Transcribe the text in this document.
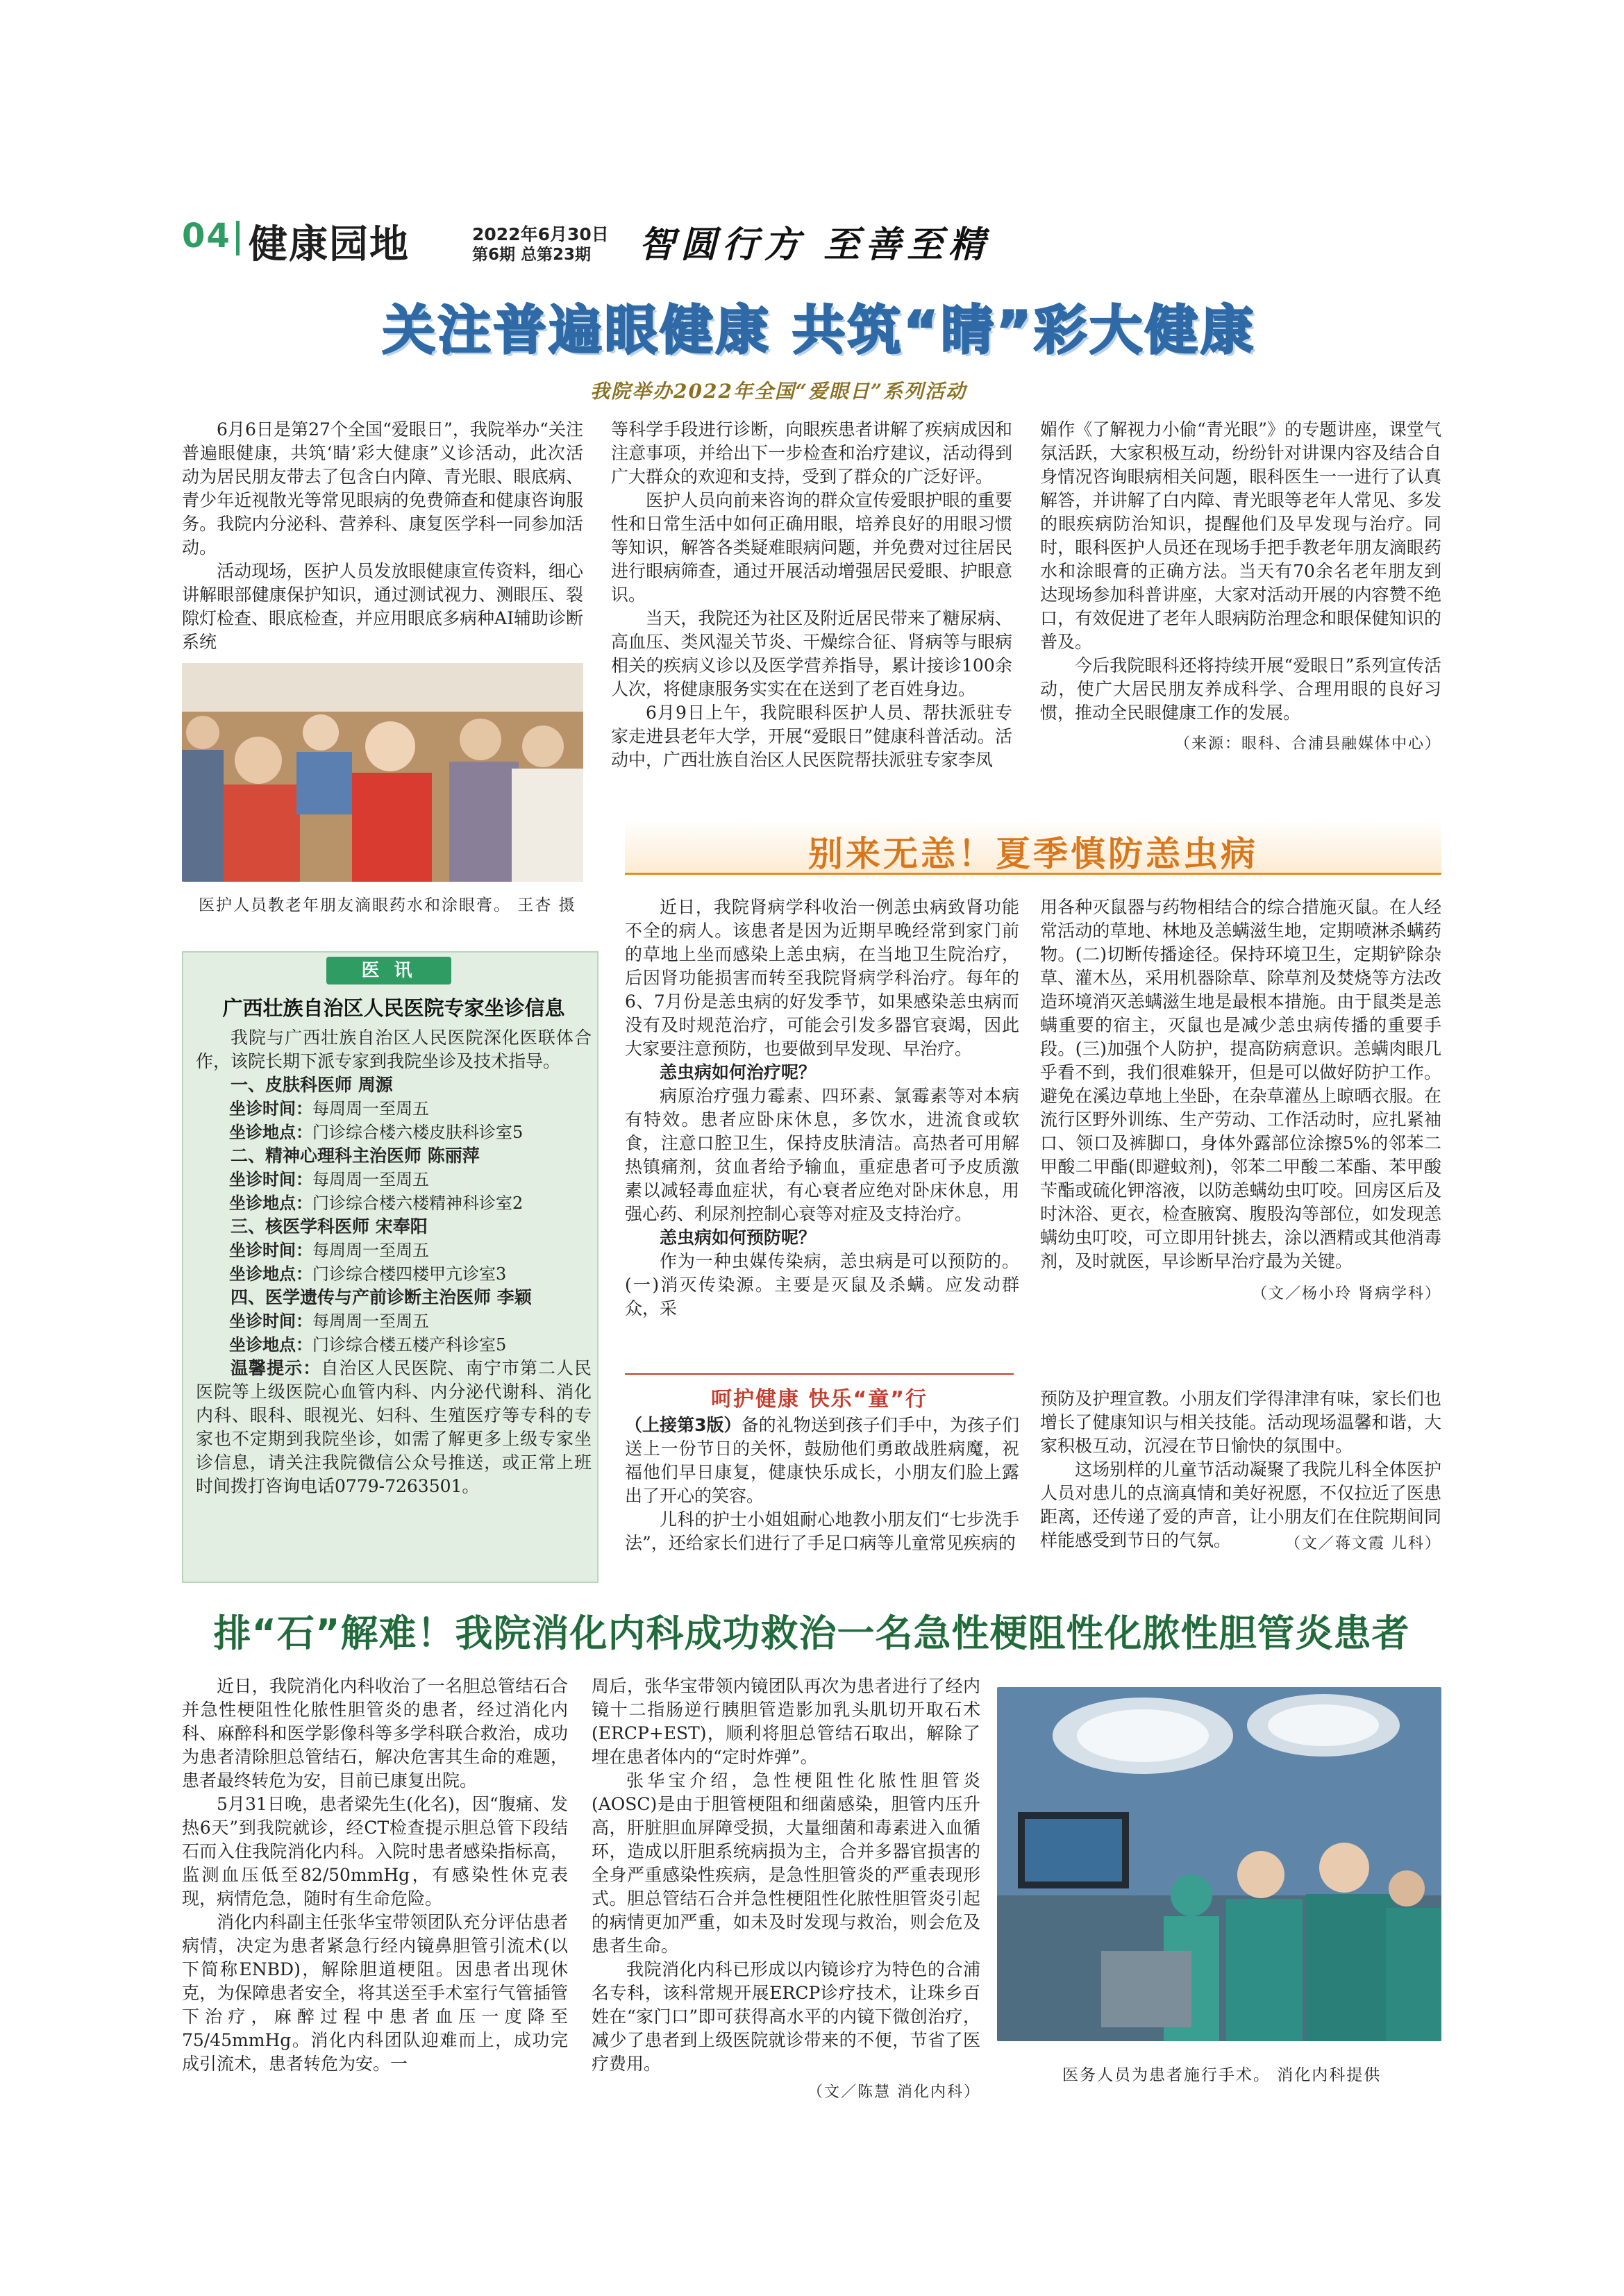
04 健康园地	2022年6月30日
第6期 总第23期 智圆行方 至善至精
关注普遍眼健康 共筑“睛”彩大健康
我院举办2022年全国“爱眼日”系列活动

6月6日是第27个全国“爱眼日”，我院举办“关注普遍眼健康，共筑‘睛’彩大健康”义诊活动，此次活动为居民朋友带去了包含白内障、青光眼、眼底病、青少年近视散光等常见眼病的免费筛查和健康咨询服务。我院内分泌科、营养科、康复医学科一同参加活动。

活动现场，医护人员发放眼健康宣传资料，细心讲解眼部健康保护知识，通过测试视力、测眼压、裂隙灯检查、眼底检查，并应用眼底多病种AI辅助诊断系统

医护人员教老年朋友滴眼药水和涂眼膏。 王杏 摄

等科学手段进行诊断，向眼疾患者讲解了疾病成因和注意事项，并给出下一步检查和治疗建议，活动得到广大群众的欢迎和支持，受到了群众的广泛好评。

医护人员向前来咨询的群众宣传爱眼护眼的重要性和日常生活中如何正确用眼，培养良好的用眼习惯等知识，解答各类疑难眼病问题，并免费对过往居民进行眼病筛查，通过开展活动增强居民爱眼、护眼意识。

当天，我院还为社区及附近居民带来了糖尿病、高血压、类风湿关节炎、干燥综合征、肾病等与眼病相关的疾病义诊以及医学营养指导，累计接诊100余人次，将健康服务实实在在送到了老百姓身边。

6月9日上午，我院眼科医护人员、帮扶派驻专家走进县老年大学，开展“爱眼日”健康科普活动。活动中，广西壮族自治区人民医院帮扶派驻专家李凤

媚作《了解视力小偷“青光眼”》的专题讲座，课堂气氛活跃，大家积极互动，纷纷针对讲课内容及结合自身情况咨询眼病相关问题，眼科医生一一进行了认真解答，并讲解了白内障、青光眼等老年人常见、多发的眼疾病防治知识，提醒他们及早发现与治疗。同时，眼科医护人员还在现场手把手教老年朋友滴眼药水和涂眼膏的正确方法。当天有70余名老年朋友到达现场参加科普讲座，大家对活动开展的内容赞不绝口，有效促进了老年人眼病防治理念和眼保健知识的普及。

今后我院眼科还将持续开展“爱眼日”系列宣传活动，使广大居民朋友养成科学、合理用眼的良好习惯，推动全民眼健康工作的发展。

（来源：眼科、合浦县融媒体中心）
医 讯
广西壮族自治区人民医院专家坐诊信息

我院与广西壮族自治区人民医院深化医联体合作，该院长期下派专家到我院坐诊及技术指导。

一、皮肤科医师 周源

坐诊时间：每周周一至周五

坐诊地点：门诊综合楼六楼皮肤科诊室5

二、精神心理科主治医师 陈丽萍

坐诊时间：每周周一至周五

坐诊地点：门诊综合楼六楼精神科诊室2

三、核医学科医师 宋奉阳

坐诊时间：每周周一至周五

坐诊地点：门诊综合楼四楼甲亢诊室3

四、医学遗传与产前诊断主治医师 李颖

坐诊时间：每周周一至周五

坐诊地点：门诊综合楼五楼产科诊室5

温馨提示：自治区人民医院、南宁市第二人民医院等上级医院心血管内科、内分泌代谢科、消化内科、眼科、眼视光、妇科、生殖医疗等专科的专家也不定期到我院坐诊，如需了解更多上级专家坐诊信息，请关注我院微信公众号推送，或正常上班时间拨打咨询电话0779-7263501。

别来无恙！夏季慎防恙虫病

近日，我院肾病学科收治一例恙虫病致肾功能不全的病人。该患者是因为近期早晚经常到家门前的草地上坐而感染上恙虫病，在当地卫生院治疗，后因肾功能损害而转至我院肾病学科治疗。每年的6、7月份是恙虫病的好发季节，如果感染恙虫病而没有及时规范治疗，可能会引发多器官衰竭，因此大家要注意预防，也要做到早发现、早治疗。

恙虫病如何治疗呢？

病原治疗强力霉素、四环素、氯霉素等对本病有特效。患者应卧床休息，多饮水，进流食或软食，注意口腔卫生，保持皮肤清洁。高热者可用解热镇痛剂，贫血者给予输血，重症患者可予皮质激素以减轻毒血症状，有心衰者应绝对卧床休息，用强心药、利尿剂控制心衰等对症及支持治疗。

恙虫病如何预防呢？

作为一种虫媒传染病，恙虫病是可以预防的。(一)消灭传染源。主要是灭鼠及杀螨。应发动群众，采

用各种灭鼠器与药物相结合的综合措施灭鼠。在人经常活动的草地、林地及恙螨滋生地，定期喷淋杀螨药物。(二)切断传播途径。保持环境卫生，定期铲除杂草、灌木丛，采用机器除草、除草剂及焚烧等方法改造环境消灭恙螨滋生地是最根本措施。由于鼠类是恙螨重要的宿主，灭鼠也是减少恙虫病传播的重要手段。(三)加强个人防护，提高防病意识。恙螨肉眼几乎看不到，我们很难躲开，但是可以做好防护工作。避免在溪边草地上坐卧，在杂草灌丛上晾晒衣服。在流行区野外训练、生产劳动、工作活动时，应扎紧袖口、领口及裤脚口，身体外露部位涂擦5%的邻苯二甲酸二甲酯(即避蚊剂)，邻苯二甲酸二苯酯、苯甲酸苄酯或硫化钾溶液，以防恙螨幼虫叮咬。回房区后及时沐浴、更衣，检查腋窝、腹股沟等部位，如发现恙螨幼虫叮咬，可立即用针挑去，涂以酒精或其他消毒剂，及时就医，早诊断早治疗最为关键。

（文／杨小玲 肾病学科）
呵护健康 快乐“童”行

（上接第3版）备的礼物送到孩子们手中，为孩子们送上一份节日的关怀，鼓励他们勇敢战胜病魔，祝福他们早日康复，健康快乐成长，小朋友们脸上露出了开心的笑容。

儿科的护士小姐姐耐心地教小朋友们“七步洗手法”，还给家长们进行了手足口病等儿童常见疾病的

预防及护理宣教。小朋友们学得津津有味，家长们也增长了健康知识与相关技能。活动现场温馨和谐，大家积极互动，沉浸在节日愉快的氛围中。

这场别样的儿童节活动凝聚了我院儿科全体医护人员对患儿的点滴真情和美好祝愿，不仅拉近了医患距离，还传递了爱的声音，让小朋友们在住院期间同样能感受到节日的气氛。	（文／蒋文霞 儿科）
排“石”解难！我院消化内科成功救治一名急性梗阻性化脓性胆管炎患者

近日，我院消化内科收治了一名胆总管结石合并急性梗阻性化脓性胆管炎的患者，经过消化内科、麻醉科和医学影像科等多学科联合救治，成功为患者清除胆总管结石，解决危害其生命的难题，患者最终转危为安，目前已康复出院。

5月31日晚，患者梁先生(化名)，因“腹痛、发热6天”到我院就诊，经CT检查提示胆总管下段结石而入住我院消化内科。入院时患者感染指标高，监测血压低至82/50mmHg，有感染性休克表现，病情危急，随时有生命危险。

消化内科副主任张华宝带领团队充分评估患者病情，决定为患者紧急行经内镜鼻胆管引流术(以下简称ENBD)，解除胆道梗阻。因患者出现休克，为保障患者安全，将其送至手术室行气管插管下治疗，麻醉过程中患者血压一度降至75/45mmHg。消化内科团队迎难而上，成功完成引流术，患者转危为安。一

周后，张华宝带领内镜团队再次为患者进行了经内镜十二指肠逆行胰胆管造影加乳头肌切开取石术(ERCP+EST)，顺利将胆总管结石取出，解除了埋在患者体内的“定时炸弹”。

张华宝介绍，急性梗阻性化脓性胆管炎(AOSC)是由于胆管梗阻和细菌感染，胆管内压升高，肝脏胆血屏障受损，大量细菌和毒素进入血循环，造成以肝胆系统病损为主，合并多器官损害的全身严重感染性疾病，是急性胆管炎的严重表现形式。胆总管结石合并急性梗阻性化脓性胆管炎引起的病情更加严重，如未及时发现与救治，则会危及患者生命。

我院消化内科已形成以内镜诊疗为特色的合浦名专科，该科常规开展ERCP诊疗技术，让珠乡百姓在“家门口”即可获得高水平的内镜下微创治疗，减少了患者到上级医院就诊带来的不便，节省了医疗费用。

（文／陈慧 消化内科）
医务人员为患者施行手术。 消化内科提供
